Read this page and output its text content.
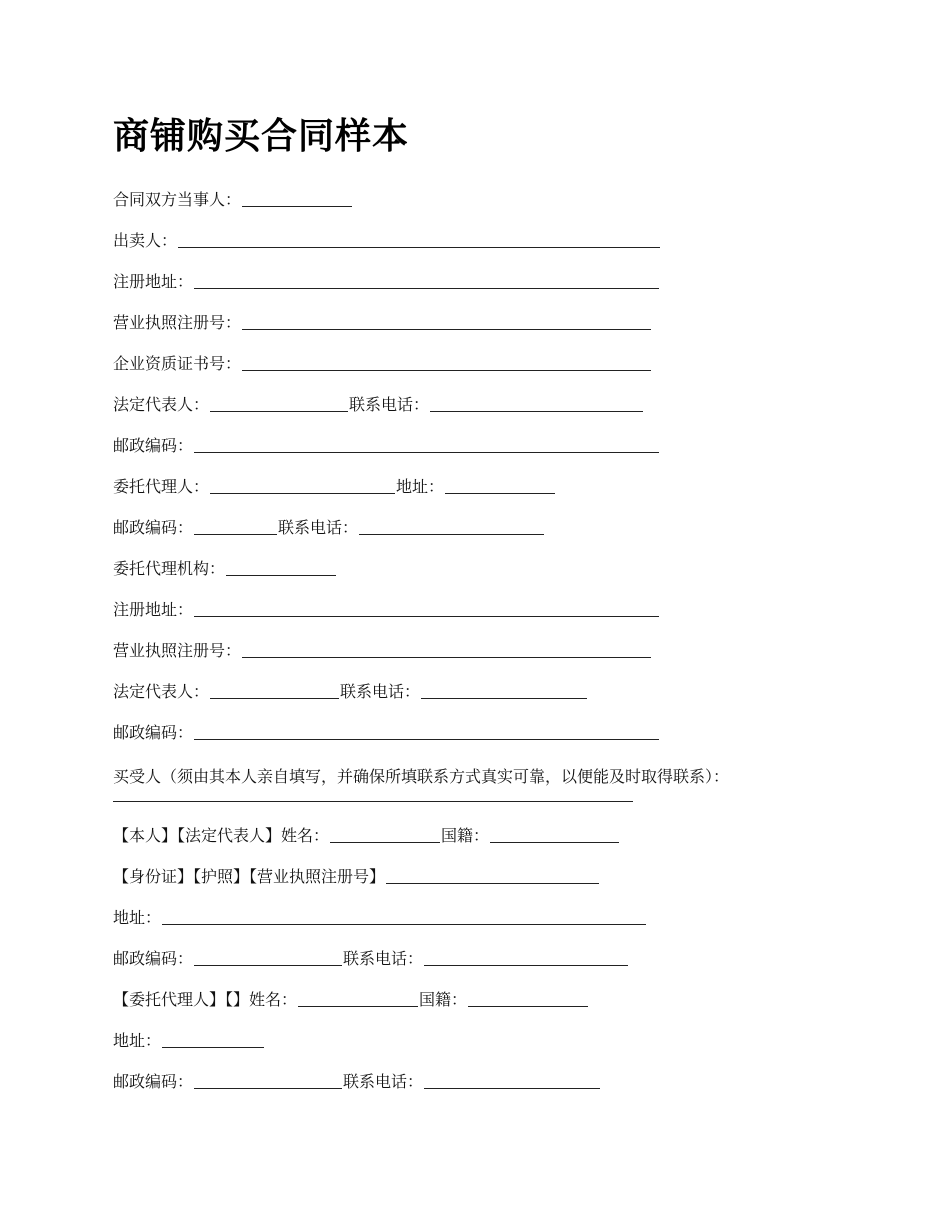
商铺购买合同样本
合同双方当事人：
出卖人：
注册地址：
营业执照注册号：
企业资质证书号：
法定代表人：	联系电话：
邮政编码：
委托代理人：	地址：
邮政编码：	联系电话：
委托代理机构：
注册地址：
营业执照注册号：
法定代表人：	联系电话：
邮政编码：
买受人（须由其本人亲自填写，并确保所填联系方式真实可靠，以便能及时取得联系）：
【本人】【法定代表人】姓名：	国籍：
【身份证】【护照】【营业执照注册号】
地址：
邮政编码：	联系电话：
【委托代理人】【】姓名：	国籍：
地址：
邮政编码：	联系电话：
